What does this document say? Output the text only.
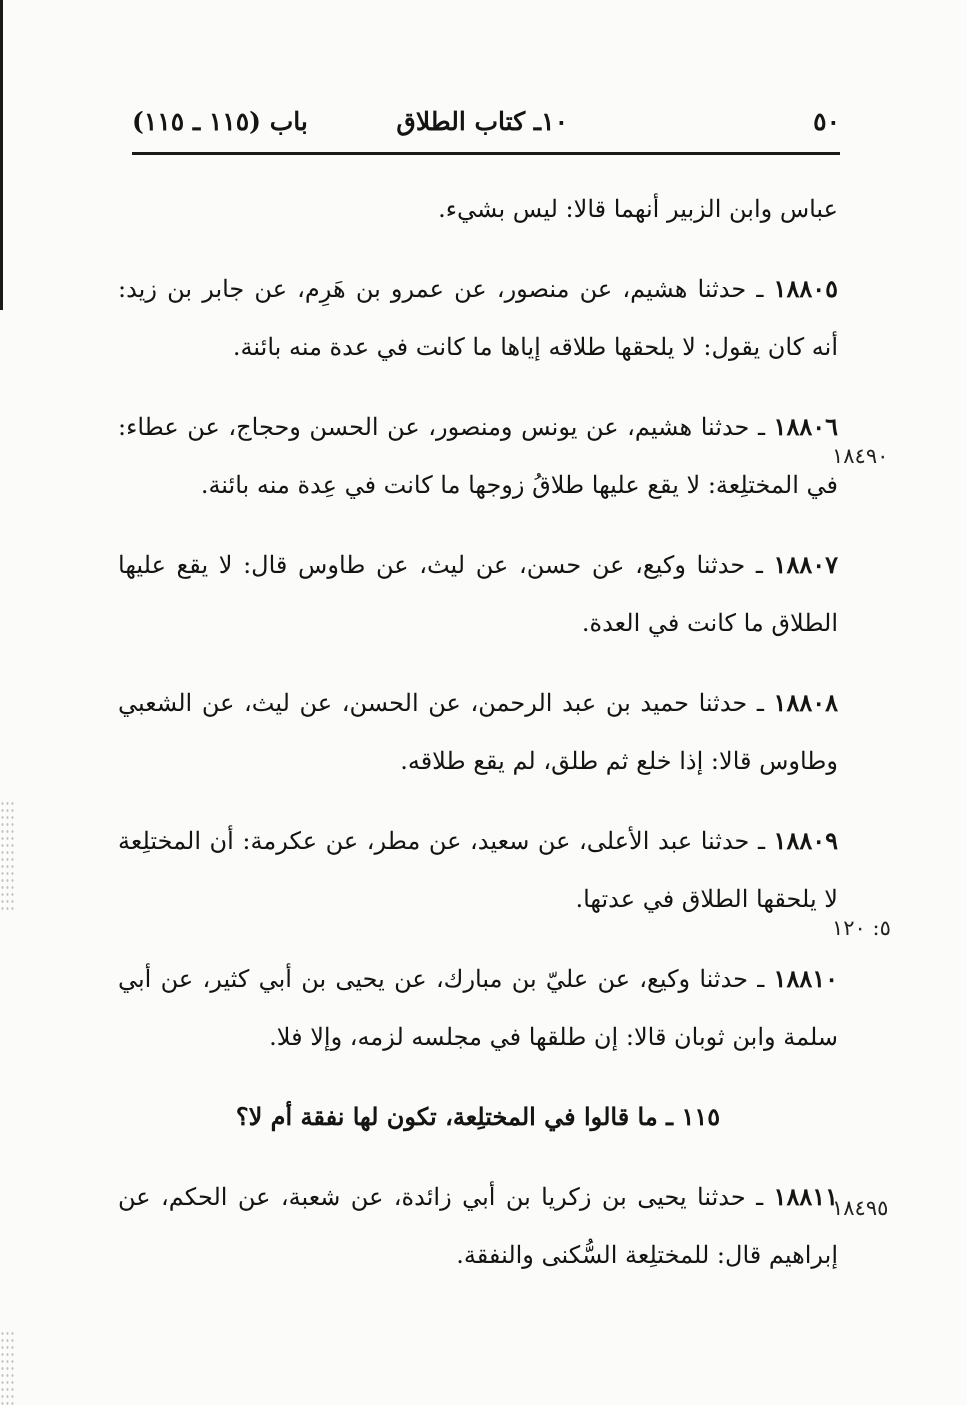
٥٠
١٠ـ كتاب الطلاق
باب (١١٥ ـ ١١٥)

عباس وابن الزبير أنهما قالا: ليس بشيء.

١٨٨٠٥ ـ حدثنا هشيم، عن منصور، عن عمرو بن هَرِم، عن جابر بن زيد: أنه كان يقول: لا يلحقها طلاقه إياها ما كانت في عدة منه بائنة.

١٨٨٠٦ ـ حدثنا هشيم، عن يونس ومنصور، عن الحسن وحجاج، عن عطاء: في المختلِعة: لا يقع عليها طلاقُ زوجها ما كانت في عِدة منه بائنة.

١٨٨٠٧ ـ حدثنا وكيع، عن حسن، عن ليث، عن طاوس قال: لا يقع عليها الطلاق ما كانت في العدة.

١٨٨٠٨ ـ حدثنا حميد بن عبد الرحمن، عن الحسن، عن ليث، عن الشعبي وطاوس قالا: إذا خلع ثم طلق، لم يقع طلاقه.

١٨٨٠٩ ـ حدثنا عبد الأعلى، عن سعيد، عن مطر، عن عكرمة: أن المختلِعة لا يلحقها الطلاق في عدتها.

١٨٨١٠ ـ حدثنا وكيع، عن عليّ بن مبارك، عن يحيى بن أبي كثير، عن أبي سلمة وابن ثوبان قالا: إن طلقها في مجلسه لزمه، وإلا فلا.

١١٥ ـ ما قالوا في المختلِعة، تكون لها نفقة أم لا؟

١٨٨١١ ـ حدثنا يحيى بن زكريا بن أبي زائدة، عن شعبة، عن الحكم، عن إبراهيم قال: للمختلِعة السُّكنى والنفقة.

١٨٤٩٠
٥: ١٢٠
١٨٤٩٥
